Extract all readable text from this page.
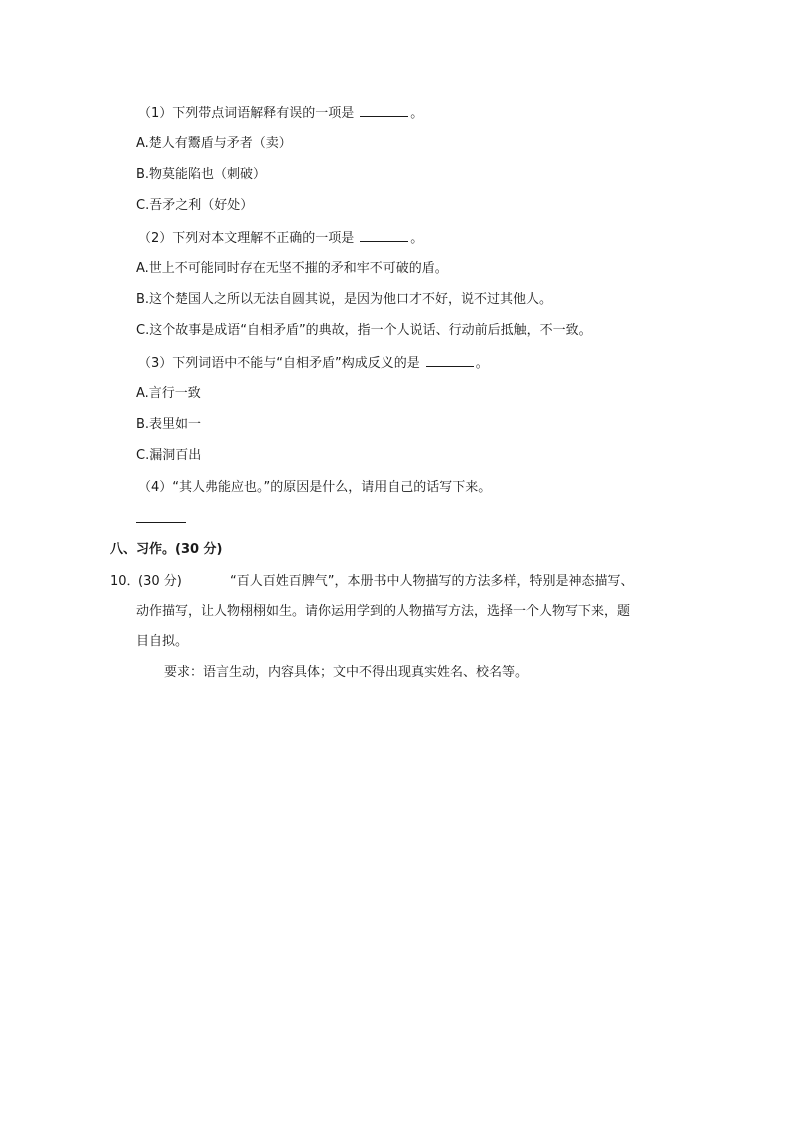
（1）下列带点词语解释有误的一项是	。
A.楚人有鬻盾与矛者（卖）
B.物莫能陷也（刺破）
C.吾矛之利（好处）
（2）下列对本文理解不正确的一项是	。
A.世上不可能同时存在无坚不摧的矛和牢不可破的盾。
B.这个楚国人之所以无法自圆其说，是因为他口才不好，说不过其他人。
C.这个故事是成语“自相矛盾”的典故，指一个人说话、行动前后抵触，不一致。
（3）下列词语中不能与“自相矛盾”构成反义的是	。
A.言行一致
B.表里如一
C.漏洞百出
（4）“其人弗能应也。”的原因是什么，请用自己的话写下来。
八、习作。(30 分)
10．(30 分)	“百人百姓百脾气”，本册书中人物描写的方法多样，特别是神态描写、
动作描写，让人物栩栩如生。请你运用学到的人物描写方法，选择一个人物写下来，题
目自拟。
要求：语言生动，内容具体；文中不得出现真实姓名、校名等。
